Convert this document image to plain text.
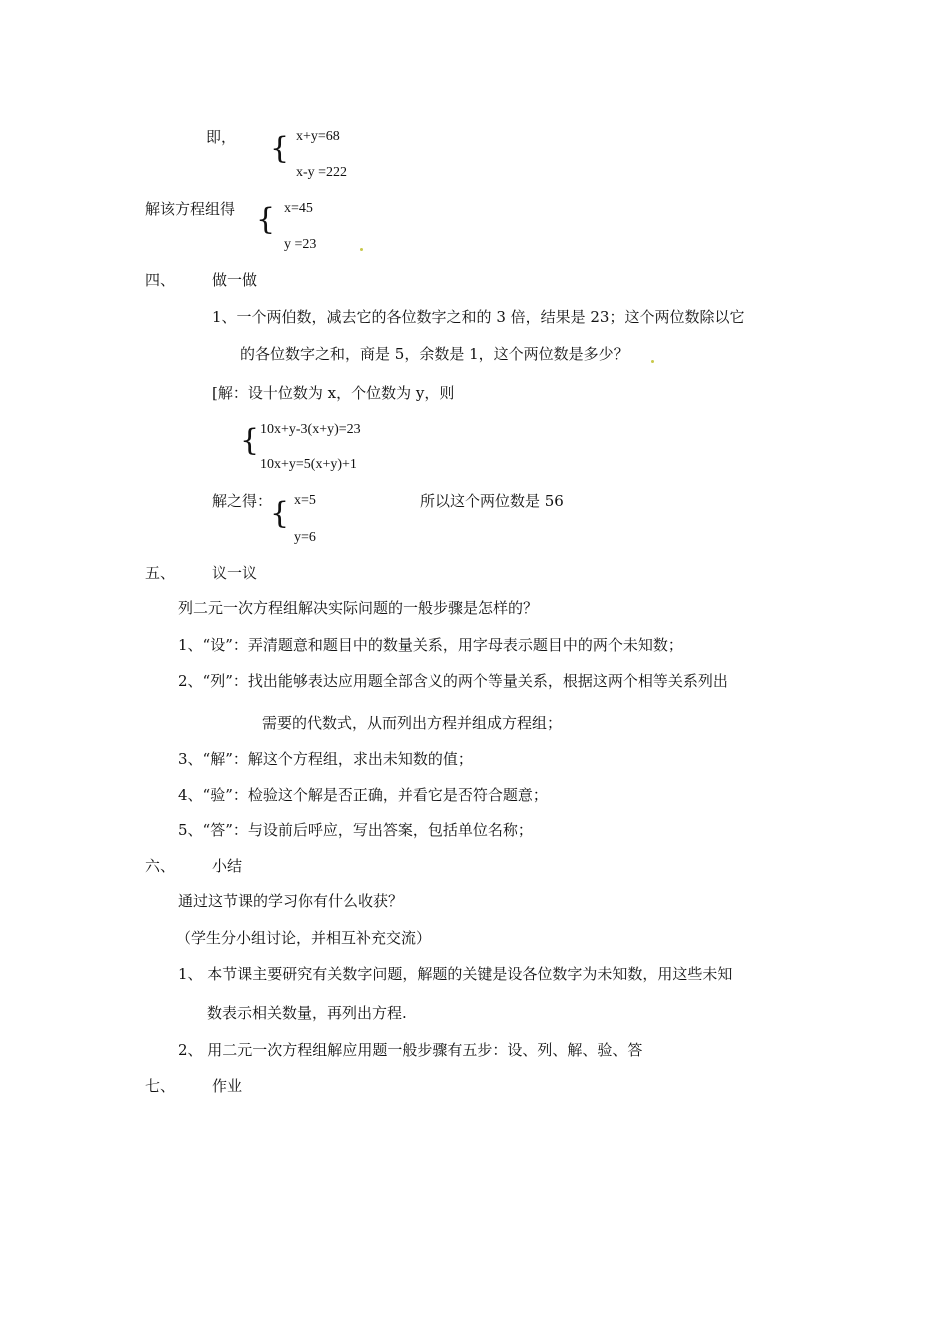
即， { x+y=68
x-y =222
解该方程组得 { x=45
y =23
四、 做一做
1、一个两伯数，减去它的各位数字之和的 3 倍，结果是 23；这个两位数除以它
的各位数字之和，商是 5，余数是 1，这个两位数是多少？
[解：设十位数为 x，个位数为 y，则
{ 10x+y-3(x+y)=23
10x+y=5(x+y)+1
解之得：
{ x=5
y=6
所以这个两位数是 56
五、 议一议
列二元一次方程组解决实际问题的一般步骤是怎样的？
1、“设”：弄清题意和题目中的数量关系，用字母表示题目中的两个未知数；
2、“列”：找出能够表达应用题全部含义的两个等量关系，根据这两个相等关系列出
需要的代数式，从而列出方程并组成方程组；
3、“解”：解这个方程组，求出未知数的值；
4、“验”：检验这个解是否正确，并看它是否符合题意；
5、“答”：与设前后呼应，写出答案，包括单位名称；
六、 小结
通过这节课的学习你有什么收获？
（学生分小组讨论，并相互补充交流）
1、 本节课主要研究有关数字问题，解题的关键是设各位数字为未知数，用这些未知
数表示相关数量，再列出方程.
2、 用二元一次方程组解应用题一般步骤有五步：设、列、解、验、答
七、 作业
